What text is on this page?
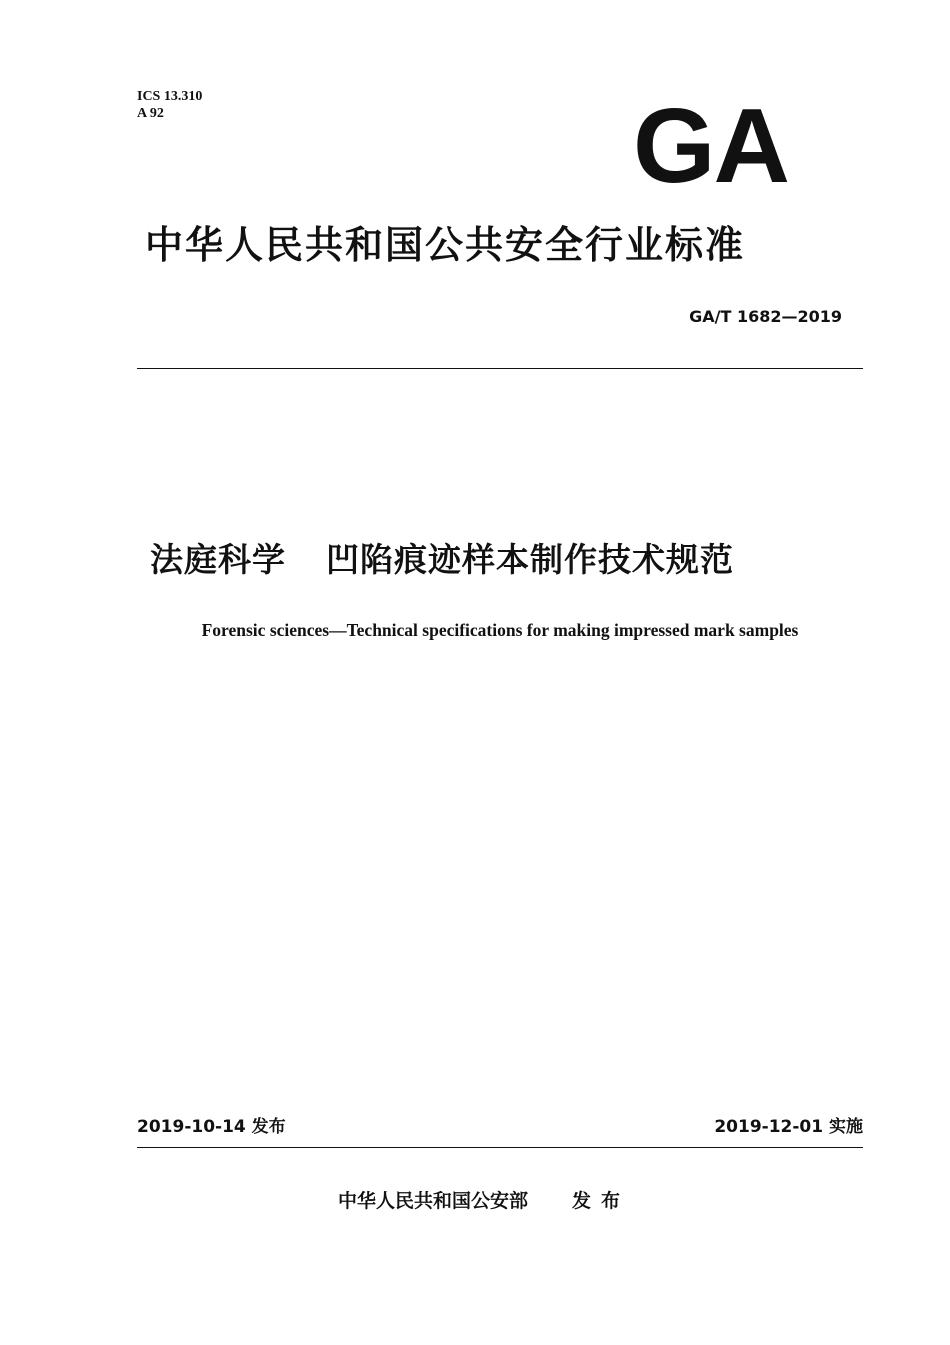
ICS 13.310
A 92	GA
中华人民共和国公共安全行业标准
GA/T 1682—2019
法庭科学 凹陷痕迹样本制作技术规范
Forensic sciences—Technical specifications for making impressed mark samples
2019-10-14 发布	2019-12-01 实施
中华人民共和国公安部 发布
